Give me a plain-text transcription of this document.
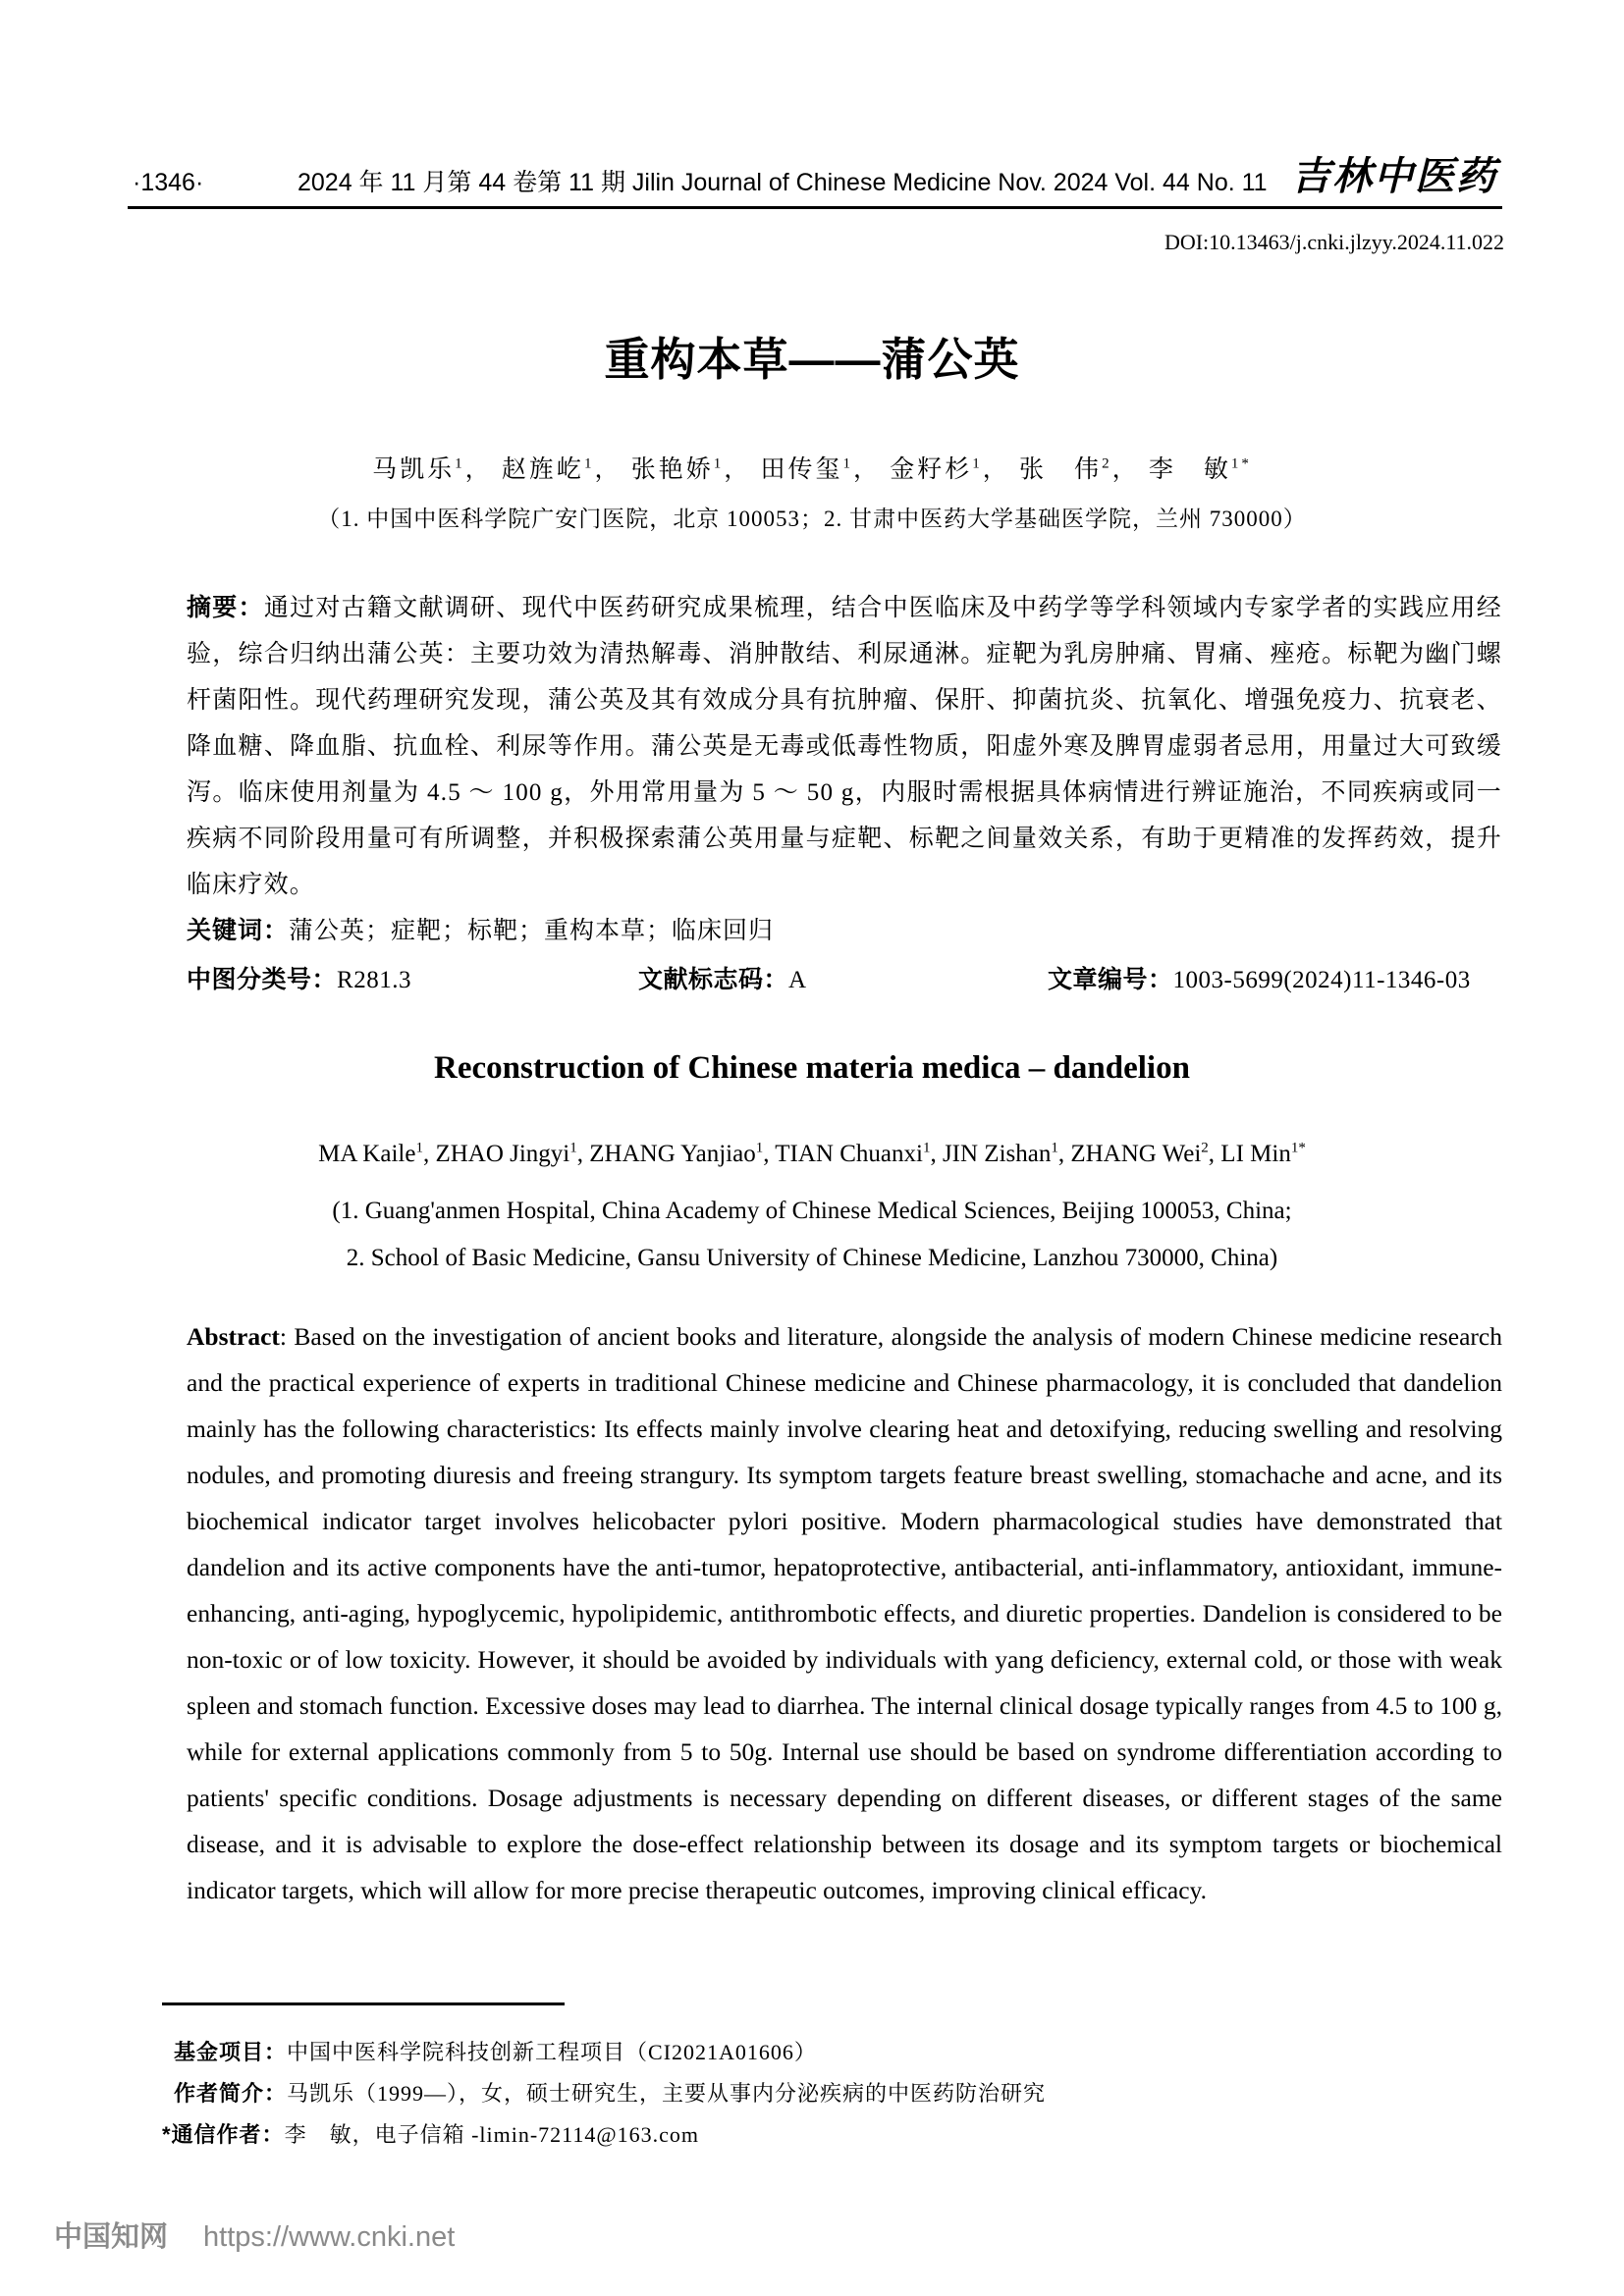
·1346·	2024 年 11 月第 44 卷第 11 期 Jilin Journal of Chinese Medicine Nov. 2024 Vol. 44 No. 11 吉林中医药
DOI:10.13463/j.cnki.jlzyy.2024.11.022
重构本草——蒲公英
马凯乐$^1$， 赵旌屹$^1$， 张艳娇$^1$， 田传玺$^1$， 金籽杉$^1$， 张　伟$^2$， 李　敏$^{1*}$
（1. 中国中医科学院广安门医院，北京 100053；2. 甘肃中医药大学基础医学院，兰州 730000）
摘要：通过对古籍文献调研、现代中医药研究成果梳理，结合中医临床及中药学等学科领域内专家学者的实践应用经验，综合归纳出蒲公英：主要功效为清热解毒、消肿散结、利尿通淋。症靶为乳房肿痛、胃痛、痤疮。标靶为幽门螺杆菌阳性。现代药理研究发现，蒲公英及其有效成分具有抗肿瘤、保肝、抑菌抗炎、抗氧化、增强免疫力、抗衰老、降血糖、降血脂、抗血栓、利尿等作用。蒲公英是无毒或低毒性物质，阳虚外寒及脾胃虚弱者忌用，用量过大可致缓泻。临床使用剂量为 4.5 ～ 100 g，外用常用量为 5 ～ 50 g，内服时需根据具体病情进行辨证施治，不同疾病或同一疾病不同阶段用量可有所调整，并积极探索蒲公英用量与症靶、标靶之间量效关系，有助于更精准的发挥药效，提升临床疗效。
关键词：蒲公英；症靶；标靶；重构本草；临床回归
中图分类号：R281.3	文献标志码：A	文章编号：1003-5699(2024)11-1346-03
Reconstruction of Chinese materia medica – dandelion
MA Kaile$^1$, ZHAO Jingyi$^1$, ZHANG Yanjiao$^1$, TIAN Chuanxi$^1$, JIN Zishan$^1$, ZHANG Wei$^2$, LI Min$^{1*}$
(1. Guang'anmen Hospital, China Academy of Chinese Medical Sciences, Beijing 100053, China;
2. School of Basic Medicine, Gansu University of Chinese Medicine, Lanzhou 730000, China)
Abstract: Based on the investigation of ancient books and literature, alongside the analysis of modern Chinese medicine research and the practical experience of experts in traditional Chinese medicine and Chinese pharmacology, it is concluded that dandelion mainly has the following characteristics: Its effects mainly involve clearing heat and detoxifying, reducing swelling and resolving nodules, and promoting diuresis and freeing strangury. Its symptom targets feature breast swelling, stomachache and acne, and its biochemical indicator target involves helicobacter pylori positive. Modern pharmacological studies have demonstrated that dandelion and its active components have the anti-tumor, hepatoprotective, antibacterial, anti-inflammatory, antioxidant, immune-enhancing, anti-aging, hypoglycemic, hypolipidemic, antithrombotic effects, and diuretic properties. Dandelion is considered to be non-toxic or of low toxicity. However, it should be avoided by individuals with yang deficiency, external cold, or those with weak spleen and stomach function. Excessive doses may lead to diarrhea. The internal clinical dosage typically ranges from 4.5 to 100 g, while for external applications commonly from 5 to 50g. Internal use should be based on syndrome differentiation according to patients' specific conditions. Dosage adjustments is necessary depending on different diseases, or different stages of the same disease, and it is advisable to explore the dose-effect relationship between its dosage and its symptom targets or biochemical indicator targets, which will allow for more precise therapeutic outcomes, improving clinical efficacy.
基金项目：中国中医科学院科技创新工程项目（CI2021A01606）
作者简介：马凯乐（1999—），女，硕士研究生，主要从事内分泌疾病的中医药防治研究
*通信作者：李　敏，电子信箱 -limin-72114@163.com
中国知网 https://www.cnki.net
